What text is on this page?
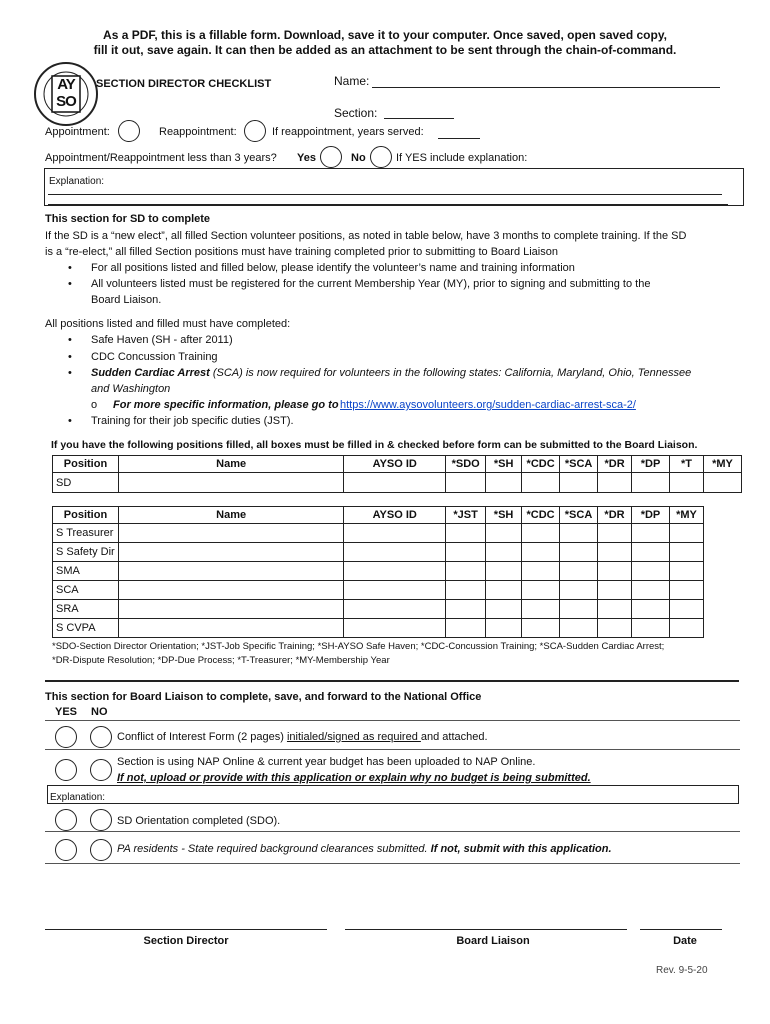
As a PDF, this is a fillable form. Download, save it to your computer. Once saved, open saved copy,
fill it out, save again. It can then be added as an attachment to be sent through the chain-of-command.
AY
SO
SECTION DIRECTOR CHECKLIST	Name:
Section:
Appointment:	Reappointment:	If reappointment, years served:
Appointment/Reappointment less than 3 years? Yes	No	If YES include explanation:
Explanation:
This section for SD to complete
If the SD is a “new elect”, all filled Section volunteer positions, as noted in table below, have 3 months to complete training. If the SD
is a “re-elect,” all filled Section positions must have training completed prior to submitting to Board Liaison
• For all positions listed and filled below, please identify the volunteer’s name and training information
• All volunteers listed must be registered for the current Membership Year (MY), prior to signing and submitting to the
Board Liaison.
All positions listed and filled must have completed:
• Safe Haven (SH - after 2011)
• CDC Concussion Training
• Sudden Cardiac Arrest (SCA) is now required for volunteers in the following states: California, Maryland, Ohio, Tennessee
and Washington
o For more specific information, please go to https://www.aysovolunteers.org/sudden-cardiac-arrest-sca-2/
• Training for their job specific duties (JST).
If you have the following positions filled, all boxes must be filled in & checked before form can be submitted to the Board Liaison.
Position	Name	AYSO ID	*SDO	*SH	*CDC	*SCA	*DR	*DP	*T	*MY
SD										
Position	Name	AYSO ID	*JST	*SH	*CDC	*SCA	*DR	*DP	*MY
S Treasurer									
S Safety Dir									
SMA									
SCA									
SRA									
S CVPA									
*SDO-Section Director Orientation; *JST-Job Specific Training; *SH-AYSO Safe Haven; *CDC-Concussion Training; *SCA-Sudden Cardiac Arrest;
*DR-Dispute Resolution; *DP-Due Process; *T-Treasurer; *MY-Membership Year
This section for Board Liaison to complete, save, and forward to the National Office
YES NO
Conflict of Interest Form (2 pages) initialed/signed as required and attached.
Section is using NAP Online & current year budget has been uploaded to NAP Online.
If not, upload or provide with this application or explain why no budget is being submitted.
Explanation:
SD Orientation completed (SDO).
PA residents - State required background clearances submitted. If not, submit with this application.
Section Director	Board Liaison	Date
Rev. 9-5-20
